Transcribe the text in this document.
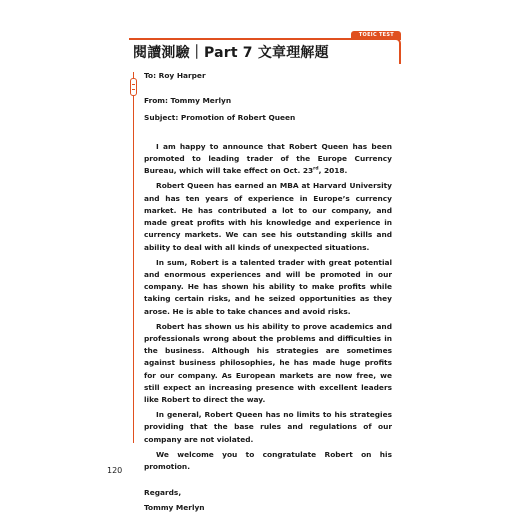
閱讀測驗｜Part 7 文章理解題
TOEIC TEST

To: Roy Harper

From: Tommy Merlyn

Subject: Promotion of Robert Queen

I am happy to announce that Robert Queen has been promoted to leading trader of the Europe Currency Bureau, which will take effect on Oct. 23rd, 2018.

Robert Queen has earned an MBA at Harvard University and has ten years of experience in Europe’s currency market. He has contributed a lot to our company, and made great profits with his knowledge and experience in currency markets. We can see his outstanding skills and ability to deal with all kinds of unexpected situations.

In sum, Robert is a talented trader with great potential and enormous experiences and will be promoted in our company. He has shown his ability to make profits while taking certain risks, and he seized opportunities as they arose. He is able to take chances and avoid risks.

Robert has shown us his ability to prove academics and professionals wrong about the problems and difficulties in the business. Although his strategies are sometimes against business philosophies, he has made huge profits for our company. As European markets are now free, we still expect an increasing presence with excellent leaders like Robert to direct the way.

In general, Robert Queen has no limits to his strategies providing that the base rules and regulations of our company are not violated.

We welcome you to congratulate Robert on his promotion.

Regards,

Tommy Merlyn

120
